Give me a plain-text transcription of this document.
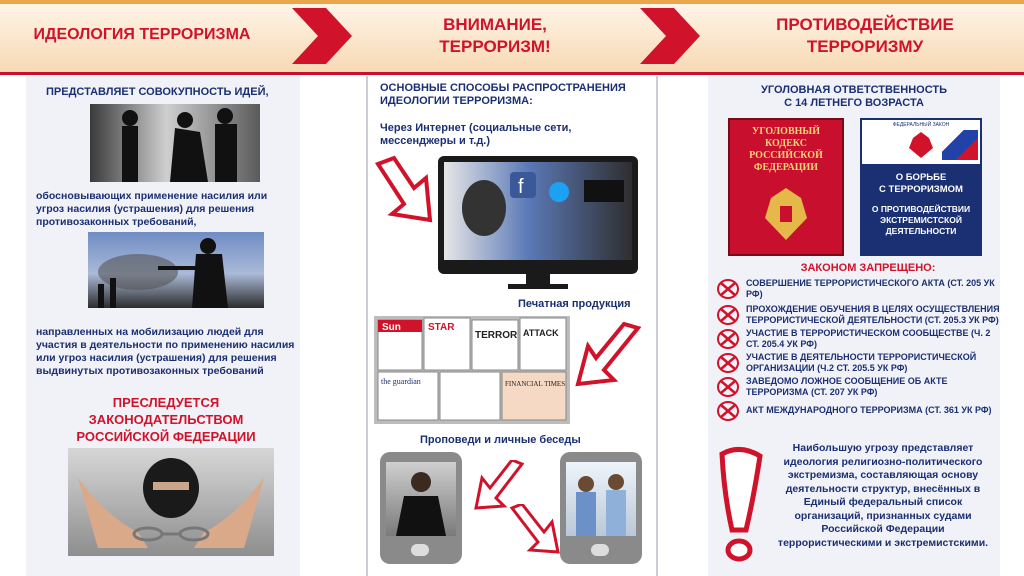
ИДЕОЛОГИЯ ТЕРРОРИЗМА
ВНИМАНИЕ,
ТЕРРОРИЗМ!
ПРОТИВОДЕЙСТВИЕ
ТЕРРОРИЗМУ
ПРЕДСТАВЛЯЕТ СОВОКУПНОСТЬ ИДЕЙ,
обосновывающих применение насилия или угроз насилия (устрашения) для решения противозаконных требований,
направленных на мобилизацию людей для участия в деятельности по применению насилия или угроз насилия (устрашения) для решения выдвинутых противозаконных требований
ПРЕСЛЕДУЕТСЯ
ЗАКОНОДАТЕЛЬСТВОМ
РОССИЙСКОЙ ФЕДЕРАЦИИ
ОСНОВНЫЕ СПОСОБЫ РАСПРОСТРАНЕНИЯ
ИДЕОЛОГИИ ТЕРРОРИЗМА:
Через Интернет (социальные сети, мессенджеры и т.д.)
f
Печатная продукция
Sun	STAR
TERROR ATTACK
the guardian	FINANCIAL TIMES
Проповеди и личные беседы
УГОЛОВНАЯ ОТВЕТСТВЕННОСТЬ
С 14 ЛЕТНЕГО ВОЗРАСТА
УГОЛОВНЫЙ
КОДЕКС
РОССИЙСКОЙ
ФЕДЕРАЦИИ
ФЕДЕРАЛЬНЫЙ ЗАКОН
О БОРЬБЕ
С ТЕРРОРИЗМОМ
О ПРОТИВОДЕЙСТВИИ
ЭКСТРЕМИСТСКОЙ
ДЕЯТЕЛЬНОСТИ
ЗАКОНОМ ЗАПРЕЩЕНО:
СОВЕРШЕНИЕ ТЕРРОРИСТИЧЕСКОГО АКТА (СТ. 205 УК РФ)
ПРОХОЖДЕНИЕ ОБУЧЕНИЯ В ЦЕЛЯХ ОСУЩЕСТВЛЕНИЯ ТЕРРОРИСТИЧЕСКОЙ ДЕЯТЕЛЬНОСТИ (СТ. 205.3 УК РФ)
УЧАСТИЕ В ТЕРРОРИСТИЧЕСКОМ СООБЩЕСТВЕ (Ч. 2 СТ. 205.4 УК РФ)
УЧАСТИЕ В ДЕЯТЕЛЬНОСТИ ТЕРРОРИСТИЧЕСКОЙ ОРГАНИЗАЦИИ (Ч.2 СТ. 205.5 УК РФ)
ЗАВЕДОМО ЛОЖНОЕ СООБЩЕНИЕ ОБ АКТЕ ТЕРРОРИЗМА (СТ. 207 УК РФ)
АКТ МЕЖДУНАРОДНОГО ТЕРРОРИЗМА (СТ. 361 УК РФ)
Наибольшую угрозу представляет идеология религиозно-политического экстремизма, составляющая основу деятельности структур, внесённых в Единый федеральный список организаций, признанных судами Российской Федерации террористическими и экстремистскими.
